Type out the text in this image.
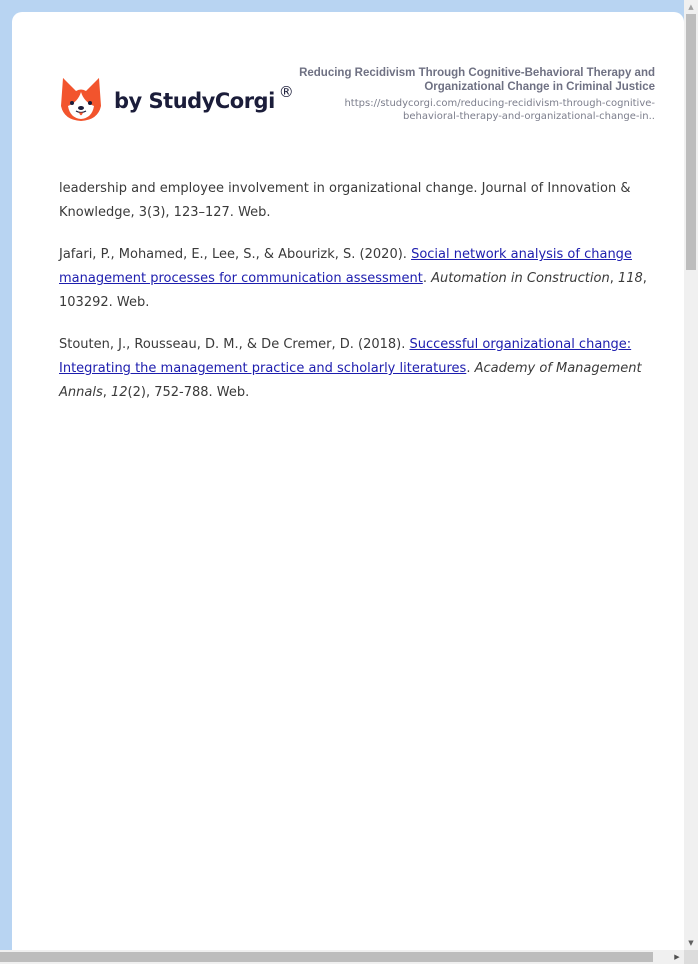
by StudyCorgi ®
Reducing Recidivism Through Cognitive-Behavioral Therapy and Organizational Change in Criminal Justice
https://studycorgi.com/reducing-recidivism-through-cognitive-behavioral-therapy-and-organizational-change-in..

leadership and employee involvement in organizational change. Journal of Innovation & Knowledge, 3(3), 123–127. Web.

Jafari, P., Mohamed, E., Lee, S., & Abourizk, S. (2020). Social network analysis of change management processes for communication assessment. Automation in Construction, 118, 103292. Web.

Stouten, J., Rousseau, D. M., & De Cremer, D. (2018). Successful organizational change: Integrating the management practice and scholarly literatures. Academy of Management Annals, 12(2), 752-788. Web.

▲
▼
▶
